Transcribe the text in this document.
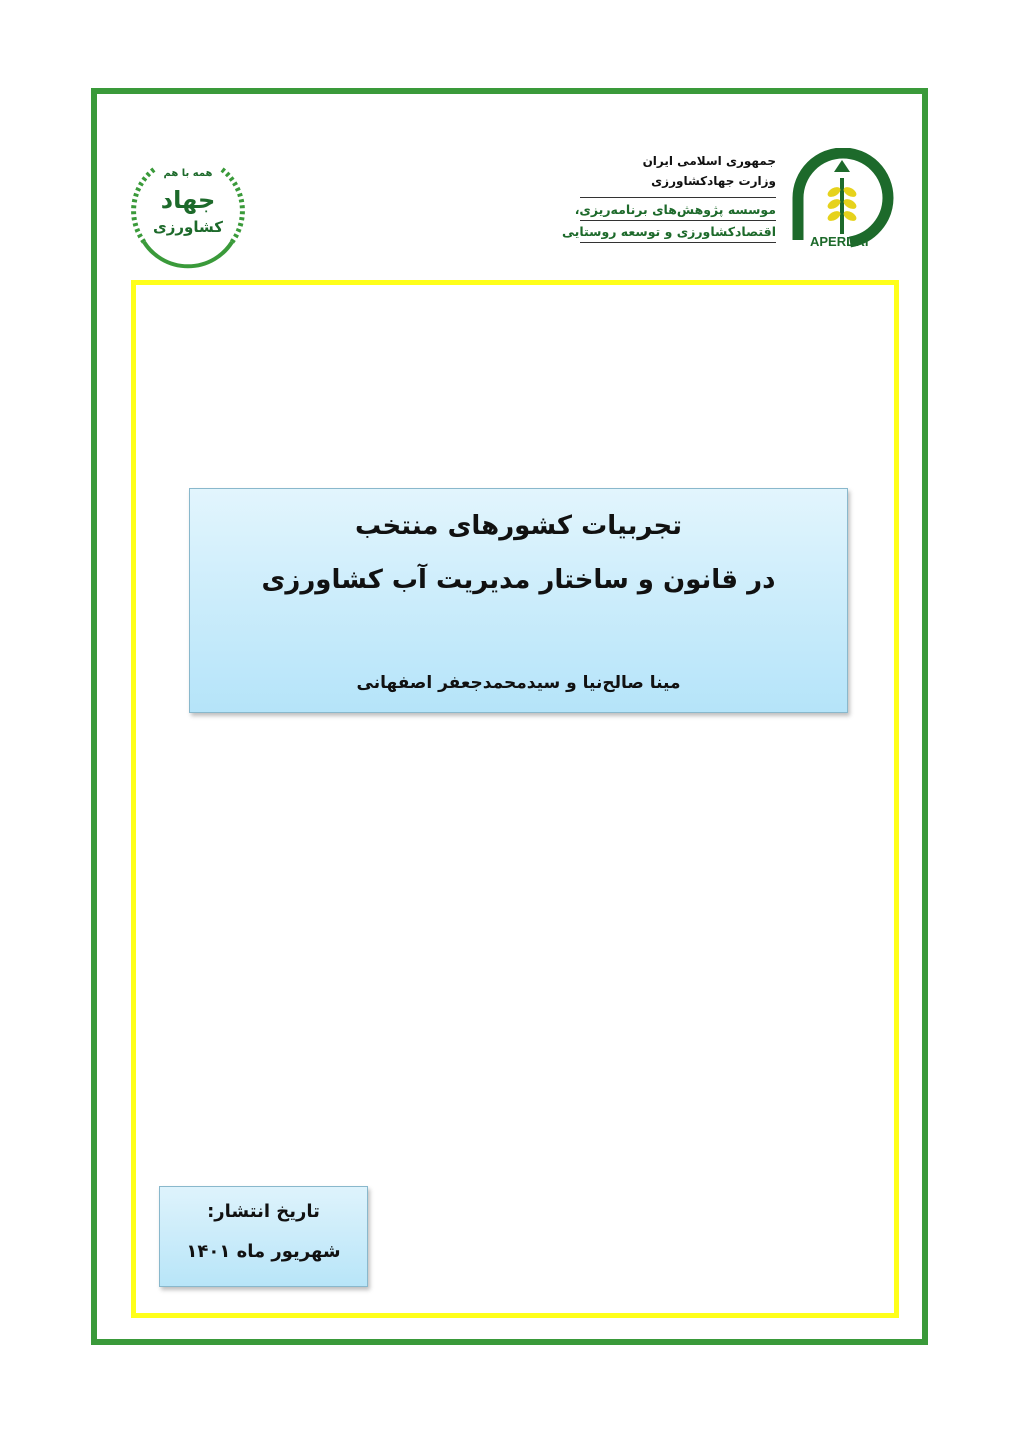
همه با هم
جهاد
کشاورزی
جمهوری اسلامی ایران
وزارت جهادکشاورزی
موسسه پژوهش‌های برنامه‌ریزی،
اقتصادکشاورزی و توسعه روستایی
APERDRI
تجربیات کشورهای منتخب
در قانون و ساختار مدیریت آب کشاورزی
مینا صالح‌نیا و سیدمحمدجعفر اصفهانی
تاریخ انتشار:
شهریور ماه ۱۴۰۱
